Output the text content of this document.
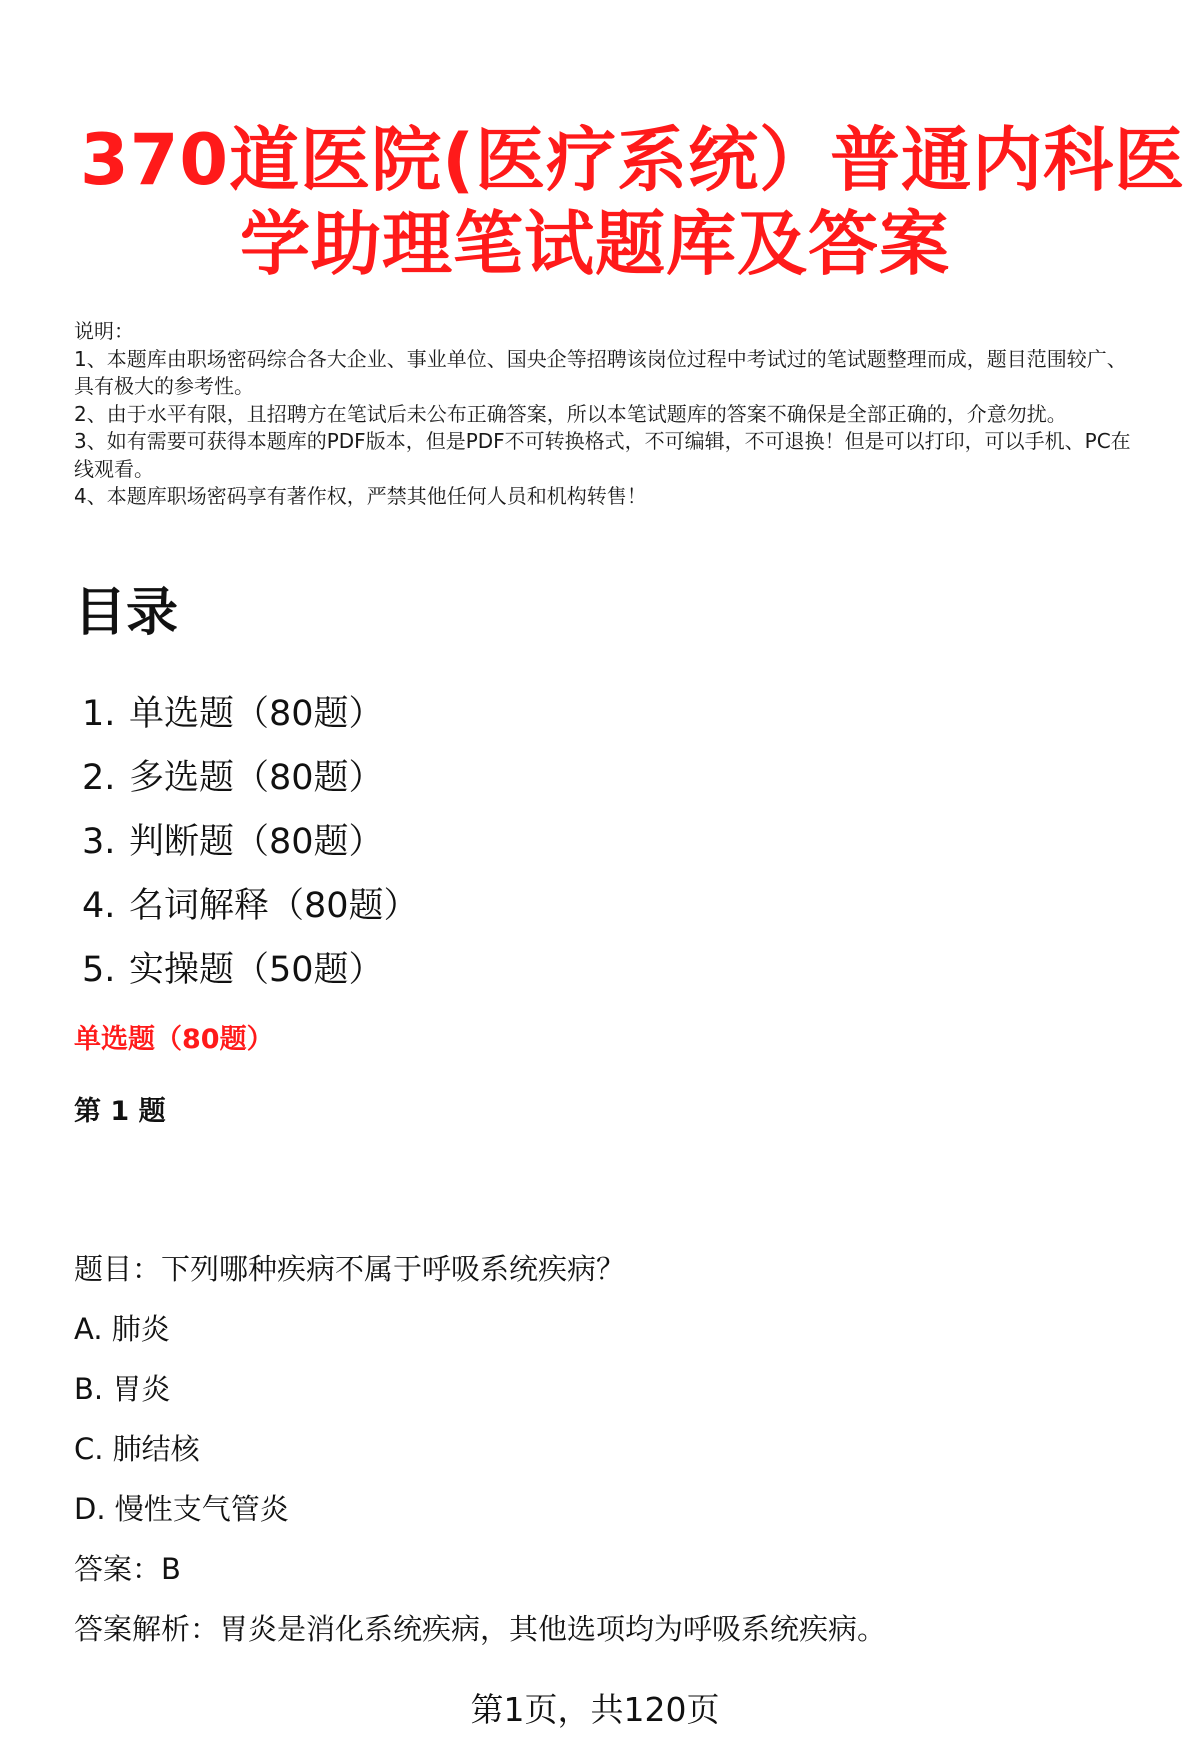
370道医院(医疗系统）普通内科医
学助理笔试题库及答案

说明：

1、本题库由职场密码综合各大企业、事业单位、国央企等招聘该岗位过程中考试过的笔试题整理而成，题目范围较广、具有极大的参考性。

2、由于水平有限，且招聘方在笔试后未公布正确答案，所以本笔试题库的答案不确保是全部正确的，介意勿扰。

3、如有需要可获得本题库的PDF版本，但是PDF不可转换格式，不可编辑，不可退换！但是可以打印，可以手机、PC在线观看。

4、本题库职场密码享有著作权，严禁其他任何人员和机构转售！

目录
1. 单选题（80题）
2. 多选题（80题）
3. 判断题（80题）
4. 名词解释（80题）
5. 实操题（50题）
单选题（80题）
第 1 题
题目：下列哪种疾病不属于呼吸系统疾病？
A. 肺炎
B. 胃炎
C. 肺结核
D. 慢性支气管炎
答案：B
答案解析：胃炎是消化系统疾病，其他选项均为呼吸系统疾病。
第1页，共120页
